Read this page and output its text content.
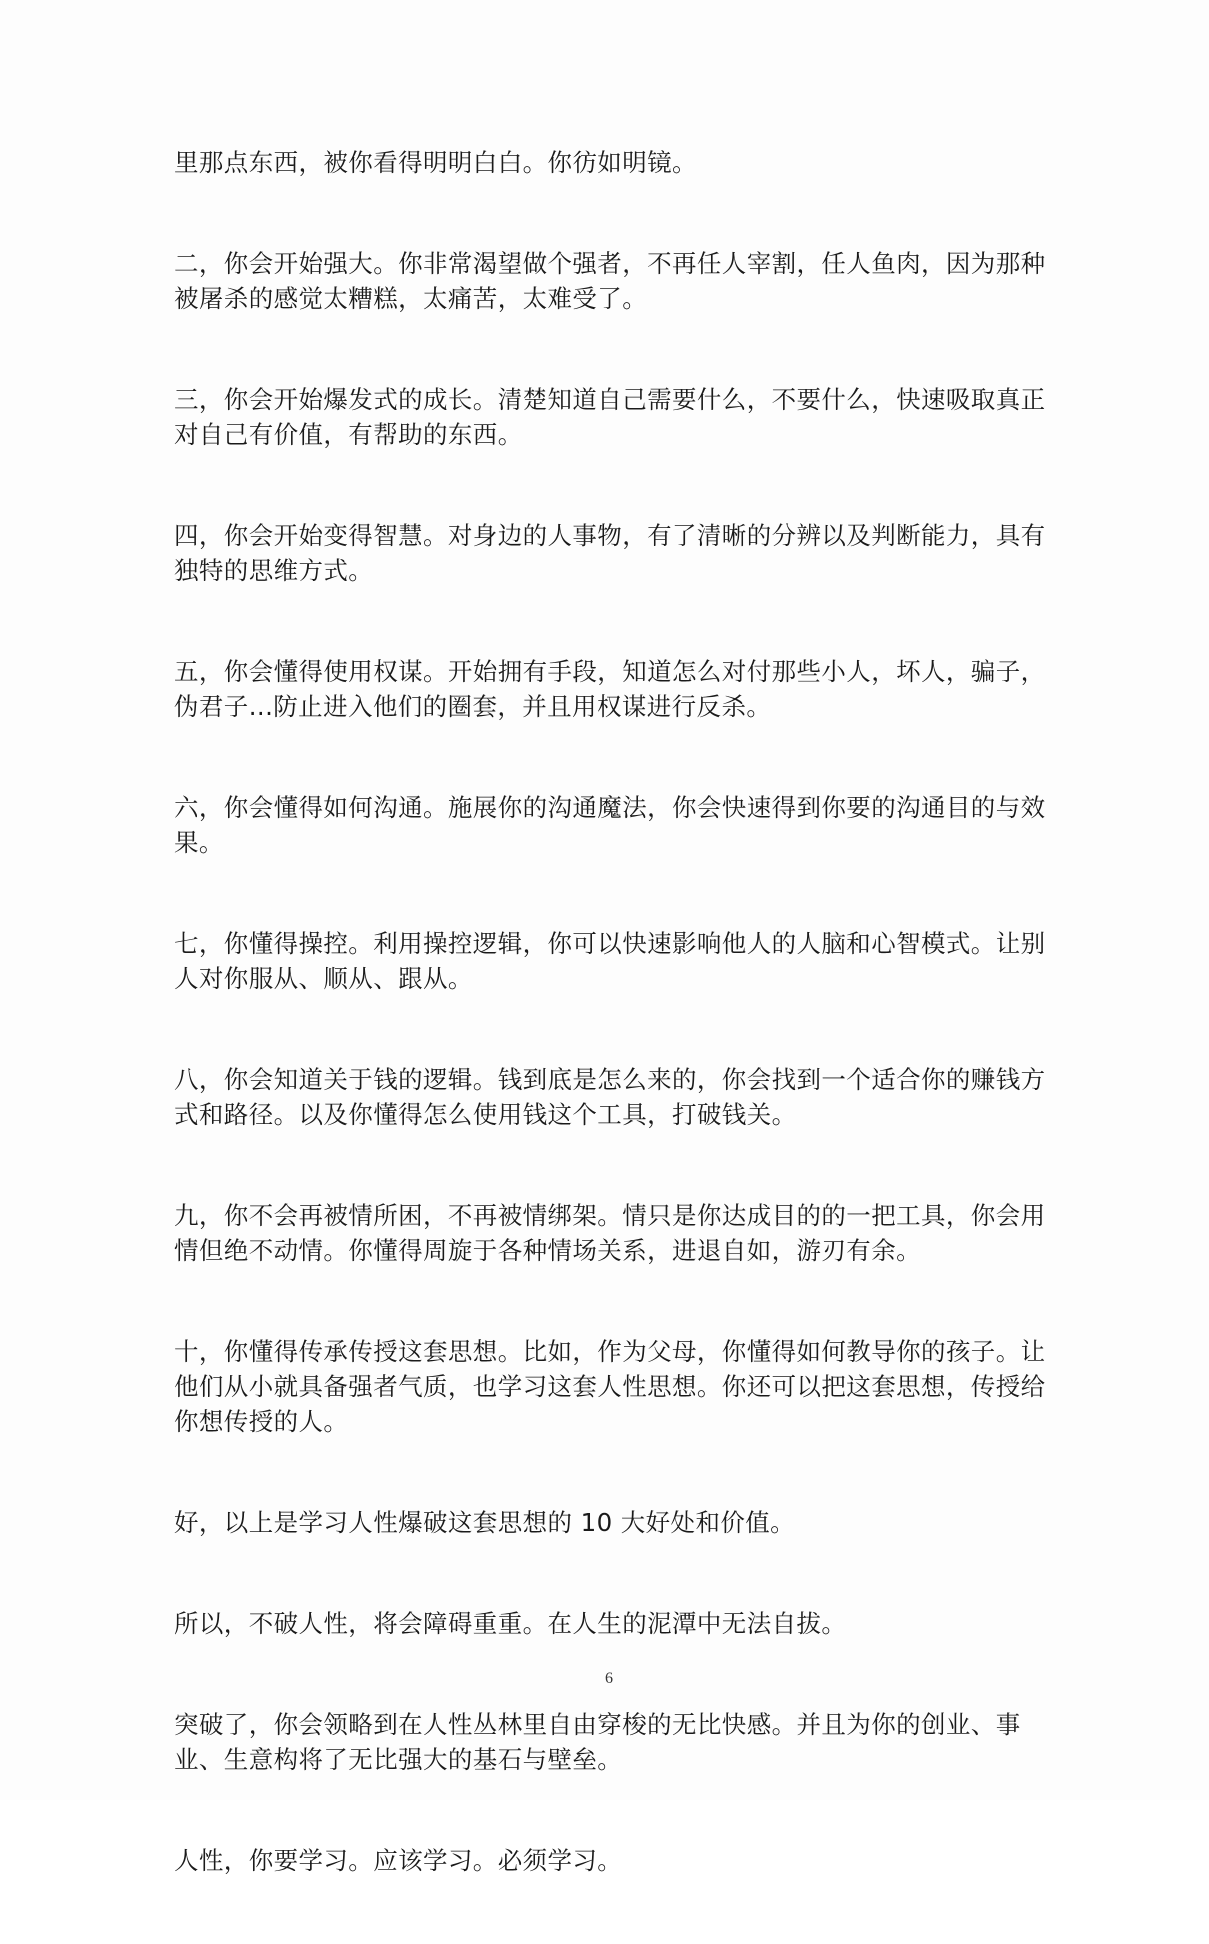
里那点东西，被你看得明明白白。你彷如明镜。

二，你会开始强大。你非常渴望做个强者，不再任人宰割，任人鱼肉，因为那种被屠杀的感觉太糟糕，太痛苦，太难受了。

三，你会开始爆发式的成长。清楚知道自己需要什么，不要什么，快速吸取真正对自己有价值，有帮助的东西。

四，你会开始变得智慧。对身边的人事物，有了清晰的分辨以及判断能力，具有独特的思维方式。

五，你会懂得使用权谋。开始拥有手段，知道怎么对付那些小人，坏人，骗子，伪君子...防止进入他们的圈套，并且用权谋进行反杀。

六，你会懂得如何沟通。施展你的沟通魔法，你会快速得到你要的沟通目的与效果。

七，你懂得操控。利用操控逻辑，你可以快速影响他人的人脑和心智模式。让别人对你服从、顺从、跟从。

八，你会知道关于钱的逻辑。钱到底是怎么来的，你会找到一个适合你的赚钱方式和路径。以及你懂得怎么使用钱这个工具，打破钱关。

九，你不会再被情所困，不再被情绑架。情只是你达成目的的一把工具，你会用情但绝不动情。你懂得周旋于各种情场关系，进退自如，游刃有余。

十，你懂得传承传授这套思想。比如，作为父母，你懂得如何教导你的孩子。让他们从小就具备强者气质，也学习这套人性思想。你还可以把这套思想，传授给你想传授的人。

好，以上是学习人性爆破这套思想的 10 大好处和价值。

所以，不破人性，将会障碍重重。在人生的泥潭中无法自拔。

突破了，你会领略到在人性丛林里自由穿梭的无比快感。并且为你的创业、事业、生意构将了无比强大的基石与壁垒。

人性，你要学习。应该学习。必须学习。

6
